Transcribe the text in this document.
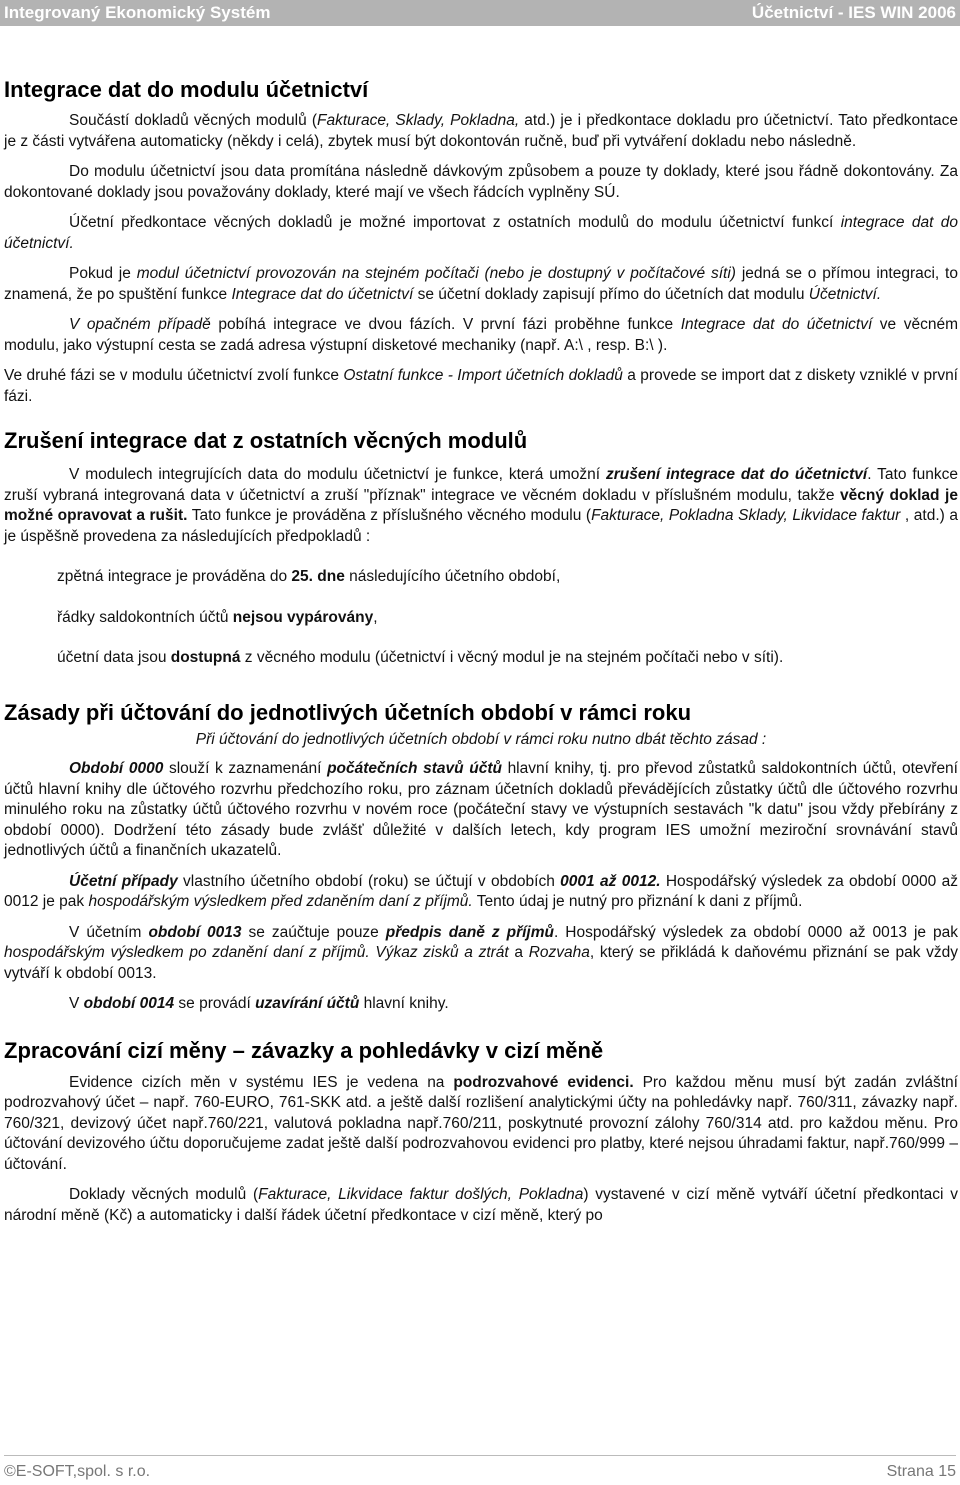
Integrovaný Ekonomický Systém	Účetnictví - IES WIN 2006
Integrace dat do modulu účetnictví

Součástí dokladů věcných modulů (Fakturace, Sklady, Pokladna, atd.) je i předkontace dokladu pro účetnictví. Tato předkontace je z části vytvářena automaticky (někdy i celá), zbytek musí být dokontován ručně, buď při vytváření dokladu nebo následně.

Do modulu účetnictví jsou data promítána následně dávkovým způsobem a pouze ty doklady, které jsou řádně dokontovány. Za dokontované doklady jsou považovány doklady, které mají ve všech řádcích vyplněny SÚ.

Účetní předkontace věcných dokladů je možné importovat z ostatních modulů do modulu účetnictví funkcí integrace dat do účetnictví.

Pokud je modul účetnictví provozován na stejném počítači (nebo je dostupný v počítačové síti) jedná se o přímou integraci, to znamená, že po spuštění funkce Integrace dat do účetnictví se účetní doklady zapisují přímo do účetních dat modulu Účetnictví.

V opačném případě pobíhá integrace ve dvou fázích. V první fázi proběhne funkce Integrace dat do účetnictví ve věcném modulu, jako výstupní cesta se zadá adresa výstupní disketové mechaniky (např. A:\ , resp. B:\ ).

Ve druhé fázi se v modulu účetnictví zvolí funkce Ostatní funkce - Import účetních dokladů a provede se import dat z diskety vzniklé v první fázi.

Zrušení integrace dat z ostatních věcných modulů

V modulech integrujících data do modulu účetnictví je funkce, která umožní zrušení integrace dat do účetnictví. Tato funkce zruší vybraná integrovaná data v účetnictví a zruší "příznak" integrace ve věcném dokladu v příslušném modulu, takže věcný doklad je možné opravovat a rušit. Tato funkce je prováděna z příslušného věcného modulu (Fakturace, Pokladna Sklady, Likvidace faktur , atd.) a je úspěšně provedena za následujících předpokladů :

zpětná integrace je prováděna do 25. dne následujícího účetního období,

řádky saldokontních účtů nejsou vypárovány,

účetní data jsou dostupná z věcného modulu (účetnictví i věcný modul je na stejném počítači nebo v síti).

Zásady při účtování do jednotlivých účetních období v rámci roku

Při účtování do jednotlivých účetních období v rámci roku nutno dbát těchto zásad :

Období 0000 slouží k zaznamenání počátečních stavů účtů hlavní knihy, tj. pro převod zůstatků saldokontních účtů, otevření účtů hlavní knihy dle účtového rozvrhu předchozího roku, pro záznam účetních dokladů převádějících zůstatky účtů dle účtového rozvrhu minulého roku na zůstatky účtů účtového rozvrhu v novém roce (počáteční stavy ve výstupních sestavách "k datu" jsou vždy přebírány z období 0000). Dodržení této zásady bude zvlášť důležité v dalších letech, kdy program IES umožní meziroční srovnávání stavů jednotlivých účtů a finančních ukazatelů.

Účetní případy vlastního účetního období (roku) se účtují v obdobích 0001 až 0012. Hospodářský výsledek za období 0000 až 0012 je pak hospodářským výsledkem před zdaněním daní z příjmů. Tento údaj je nutný pro přiznání k dani z příjmů.

V účetním období 0013 se zaúčtuje pouze předpis daně z příjmů. Hospodářský výsledek za období 0000 až 0013 je pak hospodářským výsledkem po zdanění daní z příjmů. Výkaz zisků a ztrát a Rozvaha, který se přikládá k daňovému přiznání se pak vždy vytváří k období 0013.

V období 0014 se provádí uzavírání účtů hlavní knihy.

Zpracování cizí měny – závazky a pohledávky v cizí měně

Evidence cizích měn v systému IES je vedena na podrozvahové evidenci. Pro každou měnu musí být zadán zvláštní podrozvahový účet – např. 760-EURO, 761-SKK atd. a ještě další rozlišení analytickými účty na pohledávky např. 760/311, závazky např. 760/321, devizový účet např.760/221, valutová pokladna např.760/211, poskytnuté provozní zálohy 760/314 atd. pro každou měnu. Pro účtování devizového účtu doporučujeme zadat ještě další podrozvahovou evidenci pro platby, které nejsou úhradami faktur, např.760/999 – účtování.

Doklady věcných modulů (Fakturace, Likvidace faktur došlých, Pokladna) vystavené v cizí měně vytváří účetní předkontaci v národní měně (Kč) a automaticky i další řádek účetní předkontace v cizí měně, který po

©E-SOFT,spol. s r.o.	Strana 15
